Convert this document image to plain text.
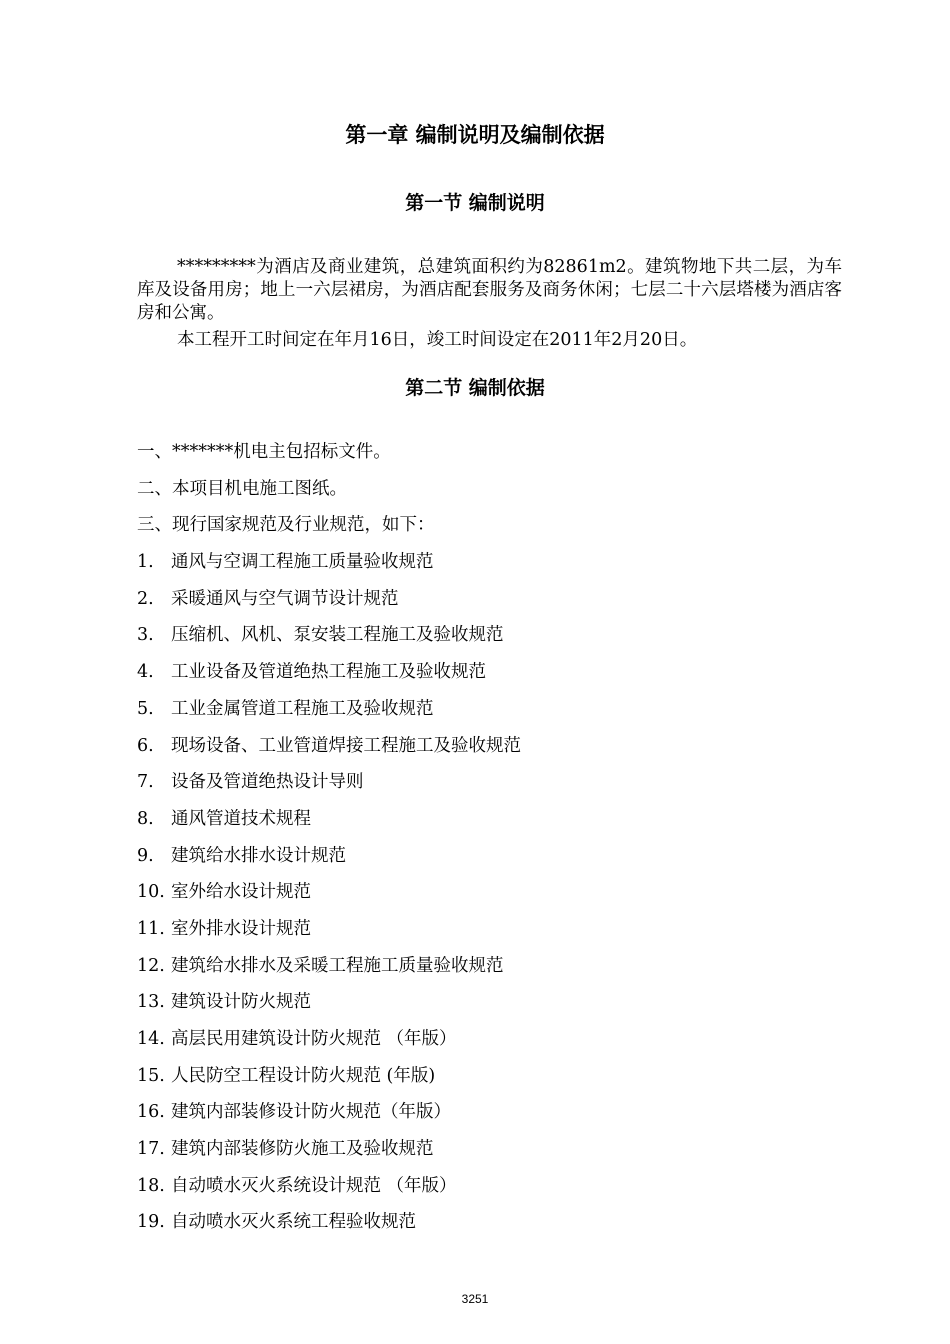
第一章 编制说明及编制依据
第一节 编制说明
*********为酒店及商业建筑，总建筑面积约为82861m2。建筑物地下共二层，为车库及设备用房；地上一六层裙房，为酒店配套服务及商务休闲；七层二十六层塔楼为酒店客房和公寓。
本工程开工时间定在年月16日，竣工时间设定在2011年2月20日。
第二节 编制依据
一、*******机电主包招标文件。
二、本项目机电施工图纸。
三、现行国家规范及行业规范，如下：
1. 通风与空调工程施工质量验收规范
2. 采暖通风与空气调节设计规范
3. 压缩机、风机、泵安装工程施工及验收规范
4. 工业设备及管道绝热工程施工及验收规范
5. 工业金属管道工程施工及验收规范
6. 现场设备、工业管道焊接工程施工及验收规范
7. 设备及管道绝热设计导则
8. 通风管道技术规程
9. 建筑给水排水设计规范
10. 室外给水设计规范
11. 室外排水设计规范
12. 建筑给水排水及采暖工程施工质量验收规范
13. 建筑设计防火规范
14. 高层民用建筑设计防火规范 （年版）
15. 人民防空工程设计防火规范 (年版)
16. 建筑内部装修设计防火规范（年版）
17. 建筑内部装修防火施工及验收规范
18. 自动喷水灭火系统设计规范 （年版）
19. 自动喷水灭火系统工程验收规范
3251
